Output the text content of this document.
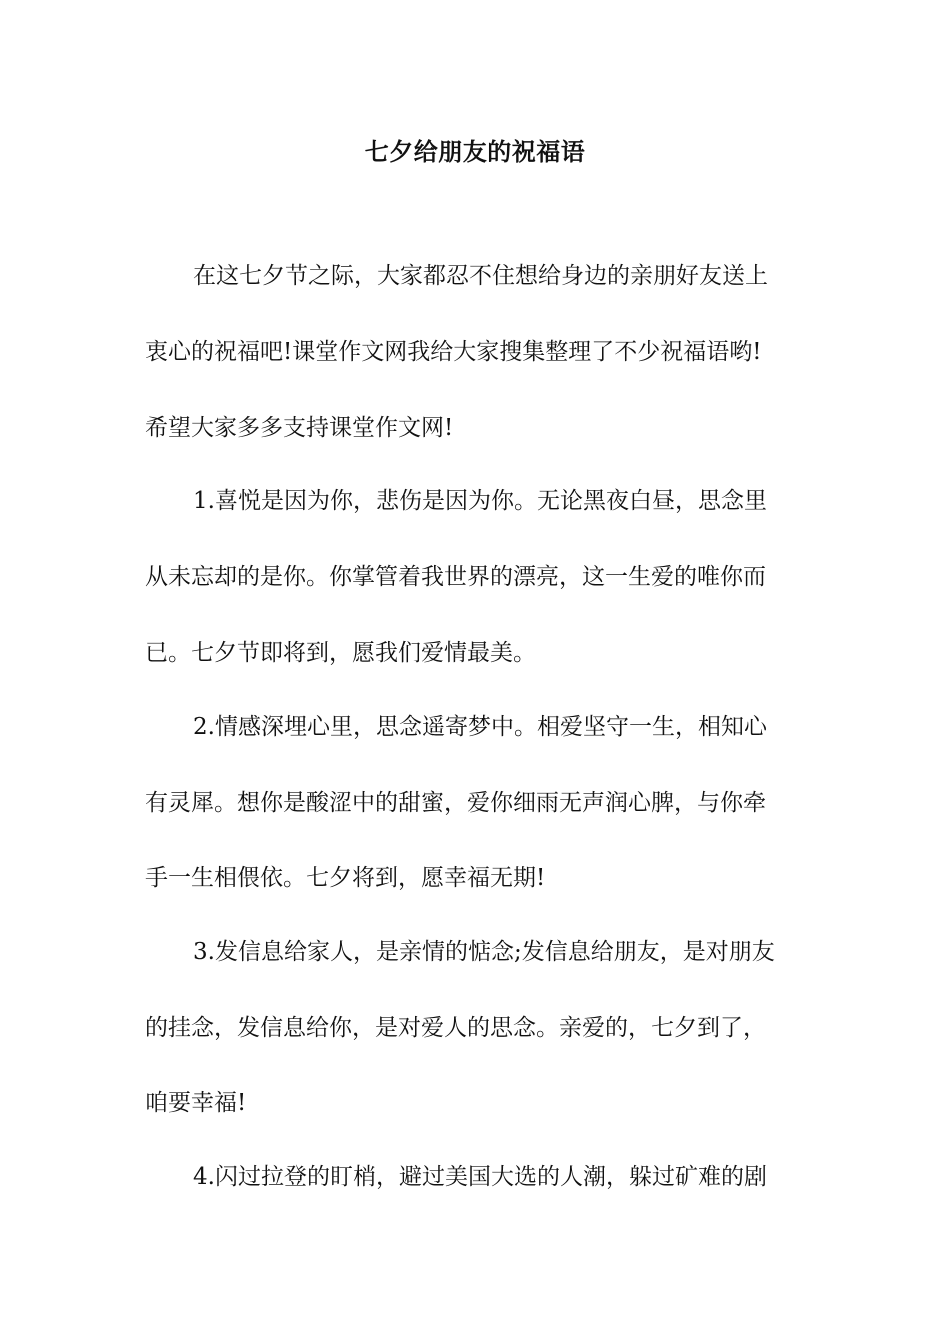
七夕给朋友的祝福语
在这七夕节之际，大家都忍不住想给身边的亲朋好友送上
衷心的祝福吧!课堂作文网我给大家搜集整理了不少祝福语哟!
希望大家多多支持课堂作文网!
1.喜悦是因为你，悲伤是因为你。无论黑夜白昼，思念里
从未忘却的是你。你掌管着我世界的漂亮，这一生爱的唯你而
已。七夕节即将到，愿我们爱情最美。
2.情感深埋心里，思念遥寄梦中。相爱坚守一生，相知心
有灵犀。想你是酸涩中的甜蜜，爱你细雨无声润心脾，与你牵
手一生相偎依。七夕将到，愿幸福无期!
3.发信息给家人，是亲情的惦念;发信息给朋友，是对朋友
的挂念，发信息给你，是对爱人的思念。亲爱的，七夕到了，
咱要幸福!
4.闪过拉登的盯梢，避过美国大选的人潮，躲过矿难的剧
